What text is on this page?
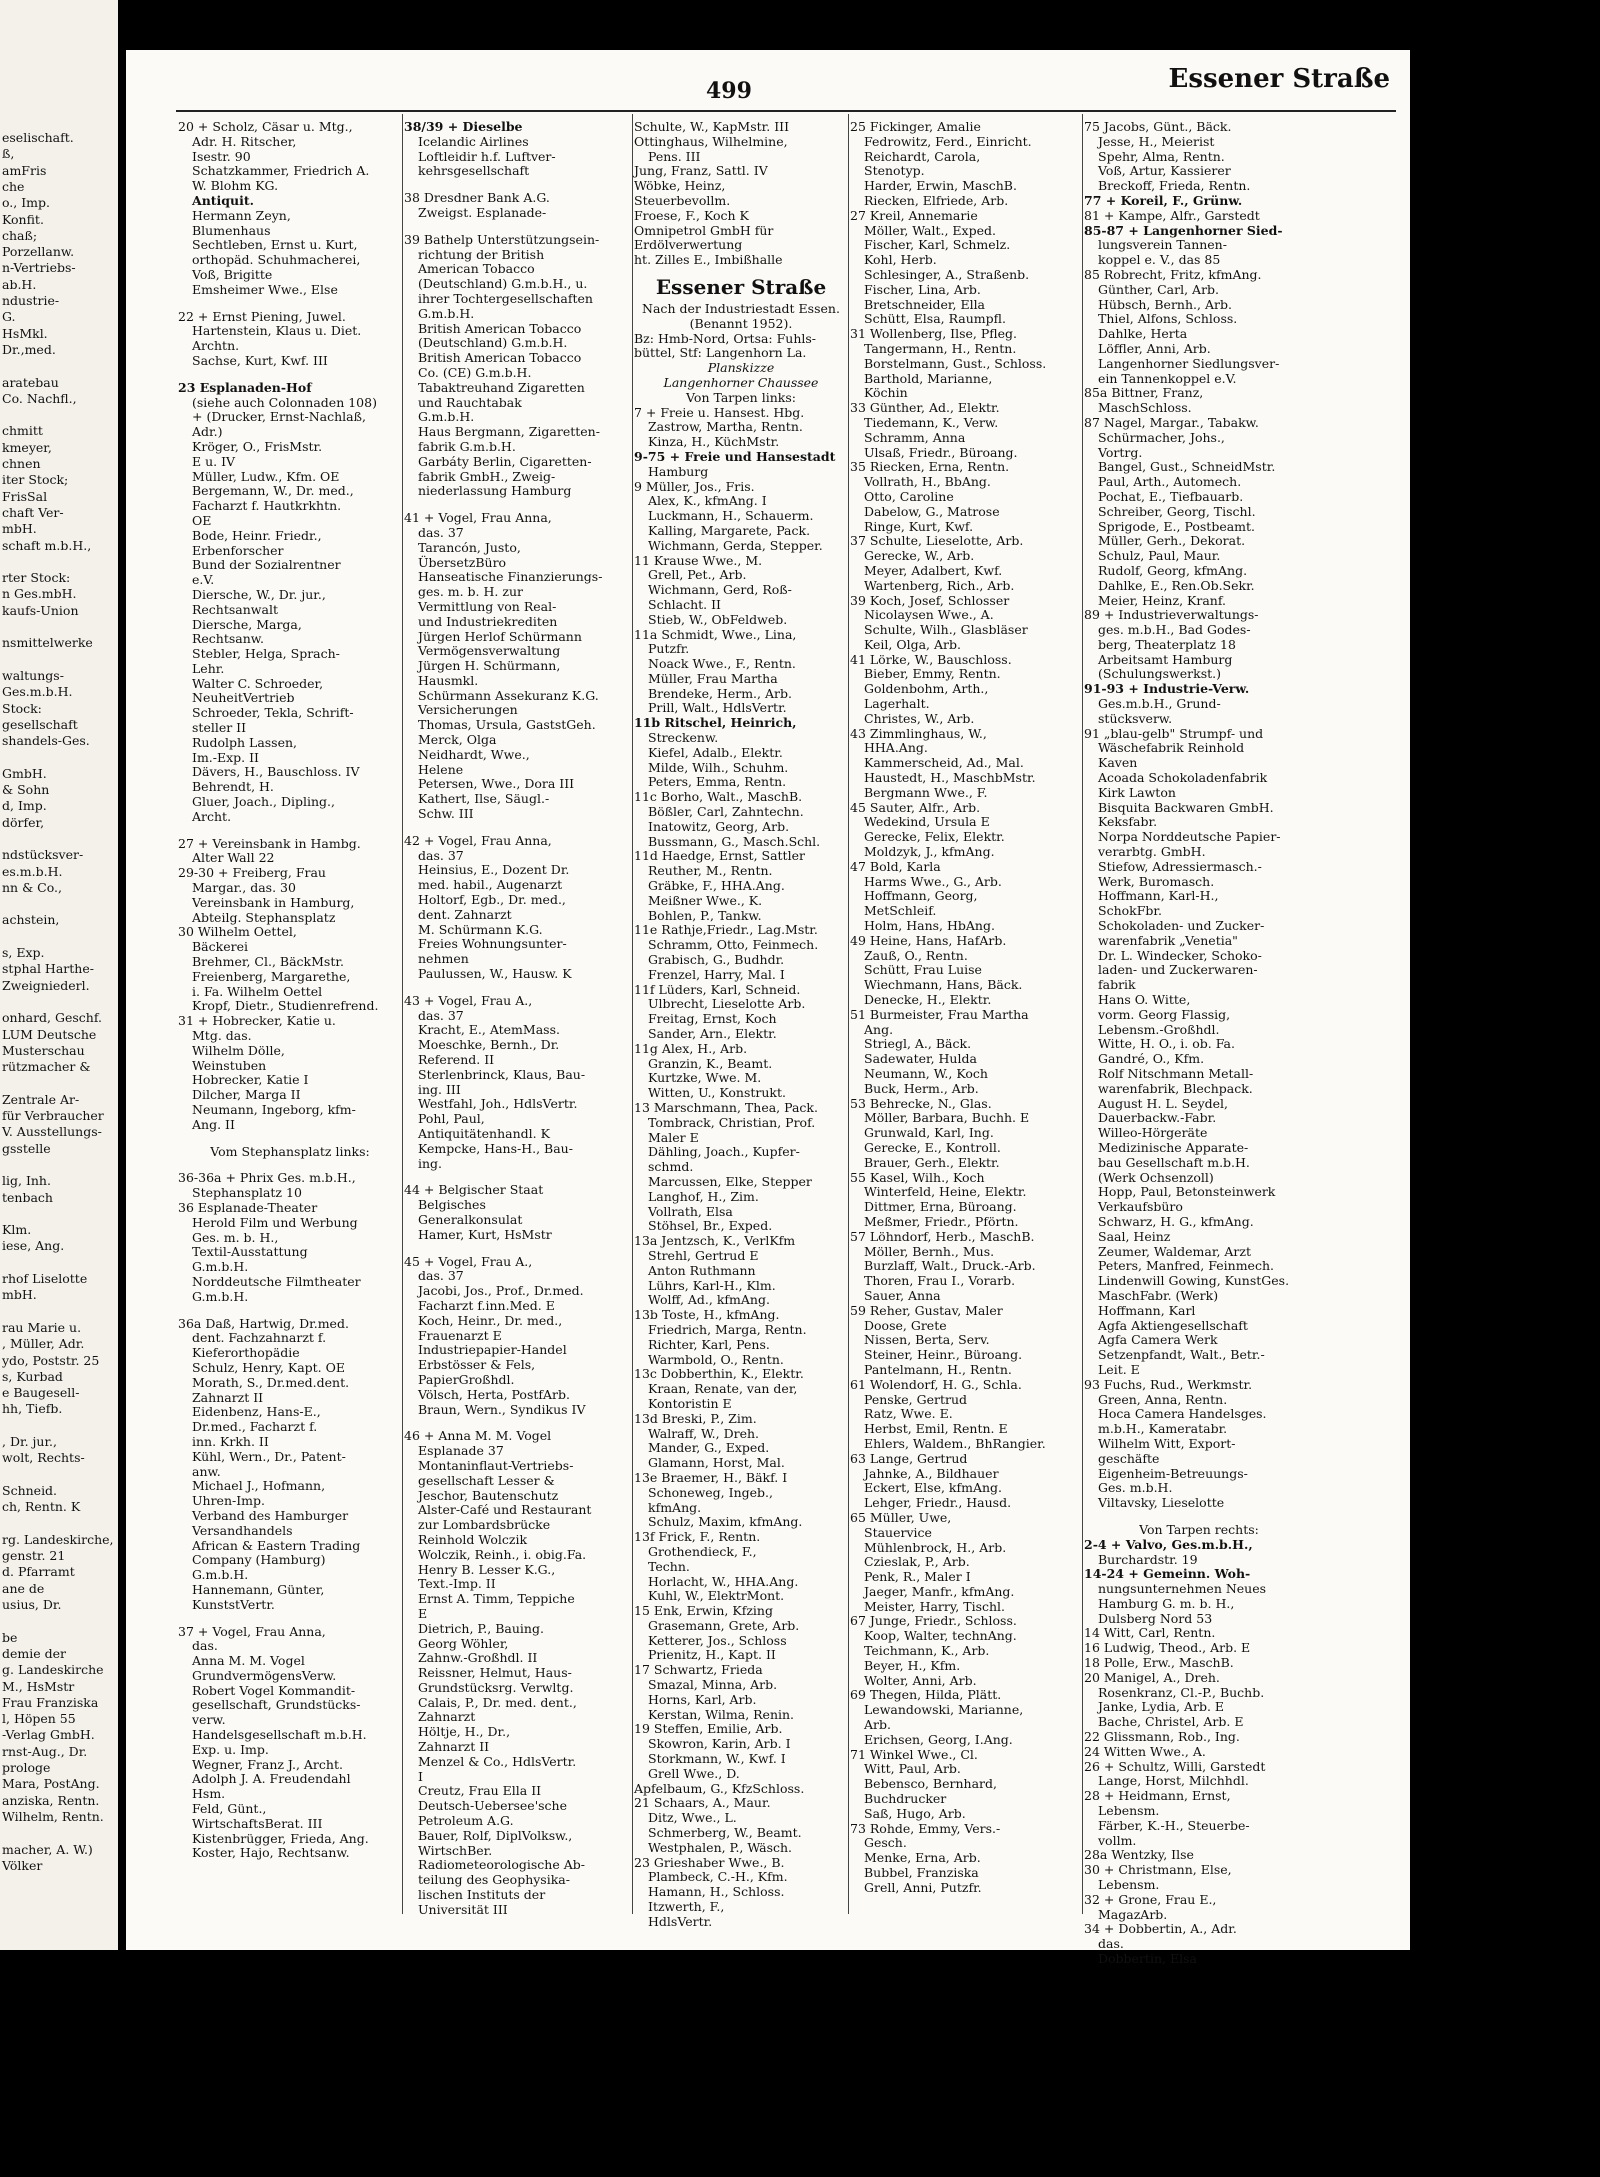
eselischaft.
ß,
amFris
che
o., Imp.
Konfit.
chaß;
Porzellanw.
n-Vertriebs-
ab.H.
ndustrie-
G.
HsMkl.
Dr.,med.
aratebau
Co. Nachfl.,
chmitt
kmeyer,
chnen
iter Stock;
FrisSal
chaft Ver-
mbH.
schaft m.b.H.,
rter Stock:
n Ges.mbH.
kaufs-Union
nsmittelwerke
waltungs-
Ges.m.b.H.
Stock:
gesellschaft
shandels-Ges.
GmbH.
& Sohn
d, Imp.
dörfer,
ndstücksver-
es.m.b.H.
nn & Co.,
achstein,
s, Exp.
stphal Harthe-
Zweigniederl.
onhard, Geschf.
LUM Deutsche
Musterschau
rützmacher &
Zentrale Ar-
für Verbraucher
V. Ausstellungs-
gsstelle
lig, Inh.
tenbach
Klm.
iese, Ang.
rhof Liselotte
mbH.
rau Marie u.
, Müller, Adr.
ydo, Poststr. 25
s, Kurbad
e Baugesell-
hh, Tiefb.
, Dr. jur.,
wolt, Rechts-
Schneid.
ch, Rentn. K
rg. Landeskirche,
genstr. 21
d. Pfarramt
ane de
usius, Dr.
be
demie der
g. Landeskirche
M., HsMstr
Frau Franziska
l, Höpen 55
-Verlag GmbH.
rnst-Aug., Dr.
prologe
Mara, PostAng.
anziska, Rentn.
Wilhelm, Rentn.
macher, A. W.)
Völker
499	Essener Straße
20 + Scholz, Cäsar u. Mtg.,
Adr. H. Ritscher,
Isestr. 90
Schatzkammer, Friedrich A.
W. Blohm KG.
Antiquit.
Hermann Zeyn,
Blumenhaus
Sechtleben, Ernst u. Kurt,
orthopäd. Schuhmacherei,
Voß, Brigitte
Emsheimer Wwe., Else
22 + Ernst Piening, Juwel.
Hartenstein, Klaus u. Diet.
Archtn.
Sachse, Kurt, Kwf. III
23 Esplanaden-Hof
(siehe auch Colonnaden 108)
+ (Drucker, Ernst-Nachlaß,
Adr.)
Kröger, O., FrisMstr.
E u. IV
Müller, Ludw., Kfm. OE
Bergemann, W., Dr. med.,
Facharzt f. Hautkrkhtn.
OE
Bode, Heinr. Friedr.,
Erbenforscher
Bund der Sozialrentner
e.V.
Diersche, W., Dr. jur.,
Rechtsanwalt
Diersche, Marga,
Rechtsanw.
Stebler, Helga, Sprach-
Lehr.
Walter C. Schroeder,
NeuheitVertrieb
Schroeder, Tekla, Schrift-
steller II
Rudolph Lassen,
Im.-Exp. II
Dävers, H., Bauschloss. IV
Behrendt, H.
Gluer, Joach., Dipling.,
Archt.
27 + Vereinsbank in Hambg.
Alter Wall 22
29-30 + Freiberg, Frau
Margar., das. 30
Vereinsbank in Hamburg,
Abteilg. Stephansplatz
30 Wilhelm Oettel,
Bäckerei
Brehmer, Cl., BäckMstr.
Freienberg, Margarethe,
i. Fa. Wilhelm Oettel
Kropf, Dietr., Studienrefrend.
31 + Hobrecker, Katie u.
Mtg. das.
Wilhelm Dölle,
Weinstuben
Hobrecker, Katie I
Dilcher, Marga II
Neumann, Ingeborg, kfm-
Ang. II
Vom Stephansplatz links:
36-36a + Phrix Ges. m.b.H.,
Stephansplatz 10
36 Esplanade-Theater
Herold Film und Werbung
Ges. m. b. H.,
Textil-Ausstattung
G.m.b.H.
Norddeutsche Filmtheater
G.m.b.H.
36a Daß, Hartwig, Dr.med.
dent. Fachzahnarzt f.
Kieferorthopädie
Schulz, Henry, Kapt. OE
Morath, S., Dr.med.dent.
Zahnarzt II
Eidenbenz, Hans-E.,
Dr.med., Facharzt f.
inn. Krkh. II
Kühl, Wern., Dr., Patent-
anw.
Michael J., Hofmann,
Uhren-Imp.
Verband des Hamburger
Versandhandels
African & Eastern Trading
Company (Hamburg)
G.m.b.H.
Hannemann, Günter,
KunststVertr.
37 + Vogel, Frau Anna,
das.
Anna M. M. Vogel
GrundvermögensVerw.
Robert Vogel Kommandit-
gesellschaft, Grundstücks-
verw.
Handelsgesellschaft m.b.H.
Exp. u. Imp.
Wegner, Franz J., Archt.
Adolph J. A. Freudendahl
Hsm.
Feld, Günt.,
WirtschaftsBerat. III
Kistenbrügger, Frieda, Ang.
Koster, Hajo, Rechtsanw.
38/39 + Dieselbe
Icelandic Airlines
Loftleidir h.f. Luftver-
kehrsgesellschaft
38 Dresdner Bank A.G.
Zweigst. Esplanade-
39 Bathelp Unterstützungsein-
richtung der British
American Tobacco
(Deutschland) G.m.b.H., u.
ihrer Tochtergesellschaften
G.m.b.H.
British American Tobacco
(Deutschland) G.m.b.H.
British American Tobacco
Co. (CE) G.m.b.H.
Tabaktreuhand Zigaretten
und Rauchtabak
G.m.b.H.
Haus Bergmann, Zigaretten-
fabrik G.m.b.H.
Garbáty Berlin, Cigaretten-
fabrik GmbH., Zweig-
niederlassung Hamburg
41 + Vogel, Frau Anna,
das. 37
Tarancón, Justo,
ÜbersetzBüro
Hanseatische Finanzierungs-
ges. m. b. H. zur
Vermittlung von Real-
und Industriekrediten
Jürgen Herlof Schürmann
Vermögensverwaltung
Jürgen H. Schürmann,
Hausmkl.
Schürmann Assekuranz K.G.
Versicherungen
Thomas, Ursula, GaststGeh.
Merck, Olga
Neidhardt, Wwe.,
Helene
Petersen, Wwe., Dora III
Kathert, Ilse, Säugl.-
Schw. III
42 + Vogel, Frau Anna,
das. 37
Heinsius, E., Dozent Dr.
med. habil., Augenarzt
Holtorf, Egb., Dr. med.,
dent. Zahnarzt
M. Schürmann K.G.
Freies Wohnungsunter-
nehmen
Paulussen, W., Hausw. K
43 + Vogel, Frau A.,
das. 37
Kracht, E., AtemMass.
Moeschke, Bernh., Dr.
Referend. II
Sterlenbrinck, Klaus, Bau-
ing. III
Westfahl, Joh., HdlsVertr.
Pohl, Paul,
Antiquitätenhandl. K
Kempcke, Hans-H., Bau-
ing.
44 + Belgischer Staat
Belgisches
Generalkonsulat
Hamer, Kurt, HsMstr
45 + Vogel, Frau A.,
das. 37
Jacobi, Jos., Prof., Dr.med.
Facharzt f.inn.Med. E
Koch, Heinr., Dr. med.,
Frauenarzt E
Industriepapier-Handel
Erbstösser & Fels,
PapierGroßhdl.
Völsch, Herta, PostfArb.
Braun, Wern., Syndikus IV
46 + Anna M. M. Vogel
Esplanade 37
Montaninflaut-Vertriebs-
gesellschaft Lesser &
Jeschor, Bautenschutz
Alster-Café und Restaurant
zur Lombardsbrücke
Reinhold Wolczik
Wolczik, Reinh., i. obig.Fa.
Henry B. Lesser K.G.,
Text.-Imp. II
Ernst A. Timm, Teppiche
E
Dietrich, P., Bauing.
Georg Wöhler,
Zahnw.-Großhdl. II
Reissner, Helmut, Haus-
Grundstücksrg. Verwltg.
Calais, P., Dr. med. dent.,
Zahnarzt
Höltje, H., Dr.,
Zahnarzt II
Menzel & Co., HdlsVertr.
I
Creutz, Frau Ella II
Deutsch-Uebersee'sche
Petroleum A.G.
Bauer, Rolf, DiplVolksw.,
WirtschBer.
Radiometeorologische Ab-
teilung des Geophysika-
lischen Instituts der
Universität III
Schulte, W., KapMstr. III
Ottinghaus, Wilhelmine,
Pens. III
Jung, Franz, Sattl. IV
Wöbke, Heinz,
Steuerbevollm.
Froese, F., Koch K
Omnipetrol GmbH für
Erdölverwertung
ht. Zilles E., Imbißhalle
Essener Straße
Nach der Industriestadt Essen.
(Benannt 1952).
Bz: Hmb-Nord, Ortsa: Fuhls-
büttel, Stf: Langenhorn La.
Planskizze
Langenhorner Chaussee
Von Tarpen links:
7 + Freie u. Hansest. Hbg.
Zastrow, Martha, Rentn.
Kinza, H., KüchMstr.
9-75 + Freie und Hansestadt
Hamburg
9 Müller, Jos., Fris.
Alex, K., kfmAng. I
Luckmann, H., Schauerm.
Kalling, Margarete, Pack.
Wichmann, Gerda, Stepper.
11 Krause Wwe., M.
Grell, Pet., Arb.
Wichmann, Gerd, Roß-
Schlacht. II
Stieb, W., ObFeldweb.
11a Schmidt, Wwe., Lina,
Putzfr.
Noack Wwe., F., Rentn.
Müller, Frau Martha
Brendeke, Herm., Arb.
Prill, Walt., HdlsVertr.
11b Ritschel, Heinrich,
Streckenw.
Kiefel, Adalb., Elektr.
Milde, Wilh., Schuhm.
Peters, Emma, Rentn.
11c Borho, Walt., MaschB.
Bößler, Carl, Zahntechn.
Inatowitz, Georg, Arb.
Bussmann, G., Masch.Schl.
11d Haedge, Ernst, Sattler
Reuther, M., Rentn.
Gräbke, F., HHA.Ang.
Meißner Wwe., K.
Bohlen, P., Tankw.
11e Rathje,Friedr., Lag.Mstr.
Schramm, Otto, Feinmech.
Grabisch, G., Budhdr.
Frenzel, Harry, Mal. I
11f Lüders, Karl, Schneid.
Ulbrecht, Lieselotte Arb.
Freitag, Ernst, Koch
Sander, Arn., Elektr.
11g Alex, H., Arb.
Granzin, K., Beamt.
Kurtzke, Wwe. M.
Witten, U., Konstrukt.
13 Marschmann, Thea, Pack.
Tombrack, Christian, Prof.
Maler E
Dähling, Joach., Kupfer-
schmd.
Marcussen, Elke, Stepper
Langhof, H., Zim.
Vollrath, Elsa
Stöhsel, Br., Exped.
13a Jentzsch, K., VerlKfm
Strehl, Gertrud E
Anton Ruthmann
Lührs, Karl-H., Klm.
Wolff, Ad., kfmAng.
13b Toste, H., kfmAng.
Friedrich, Marga, Rentn.
Richter, Karl, Pens.
Warmbold, O., Rentn.
13c Dobberthin, K., Elektr.
Kraan, Renate, van der,
Kontoristin E
13d Breski, P., Zim.
Walraff, W., Dreh.
Mander, G., Exped.
Glamann, Horst, Mal.
13e Braemer, H., Bäkf. I
Schoneweg, Ingeb.,
kfmAng.
Schulz, Maxim, kfmAng.
13f Frick, F., Rentn.
Grothendieck, F.,
Techn.
Horlacht, W., HHA.Ang.
Kuhl, W., ElektrMont.
15 Enk, Erwin, Kfzing
Grasemann, Grete, Arb.
Ketterer, Jos., Schloss
Prienitz, H., Kapt. II
17 Schwartz, Frieda
Smazal, Minna, Arb.
Horns, Karl, Arb.
Kerstan, Wilma, Renin.
19 Steffen, Emilie, Arb.
Skowron, Karin, Arb. I
Storkmann, W., Kwf. I
Grell Wwe., D.
Apfelbaum, G., KfzSchloss.
21 Schaars, A., Maur.
Ditz, Wwe., L.
Schmerberg, W., Beamt.
Westphalen, P., Wäsch.
23 Grieshaber Wwe., B.
Plambeck, C.-H., Kfm.
Hamann, H., Schloss.
Itzwerth, F.,
HdlsVertr.
25 Fickinger, Amalie
Fedrowitz, Ferd., Einricht.
Reichardt, Carola,
Stenotyp.
Harder, Erwin, MaschB.
Riecken, Elfriede, Arb.
27 Kreil, Annemarie
Möller, Walt., Exped.
Fischer, Karl, Schmelz.
Kohl, Herb.
Schlesinger, A., Straßenb.
Fischer, Lina, Arb.
Bretschneider, Ella
Schütt, Elsa, Raumpfl.
31 Wollenberg, Ilse, Pfleg.
Tangermann, H., Rentn.
Borstelmann, Gust., Schloss.
Barthold, Marianne,
Köchin
33 Günther, Ad., Elektr.
Tiedemann, K., Verw.
Schramm, Anna
Ulsaß, Friedr., Büroang.
35 Riecken, Erna, Rentn.
Vollrath, H., BbAng.
Otto, Caroline
Dabelow, G., Matrose
Ringe, Kurt, Kwf.
37 Schulte, Lieselotte, Arb.
Gerecke, W., Arb.
Meyer, Adalbert, Kwf.
Wartenberg, Rich., Arb.
39 Koch, Josef, Schlosser
Nicolaysen Wwe., A.
Schulte, Wilh., Glasbläser
Keil, Olga, Arb.
41 Lörke, W., Bauschloss.
Bieber, Emmy, Rentn.
Goldenbohm, Arth.,
Lagerhalt.
Christes, W., Arb.
43 Zimmlinghaus, W.,
HHA.Ang.
Kammerscheid, Ad., Mal.
Haustedt, H., MaschbMstr.
Bergmann Wwe., F.
45 Sauter, Alfr., Arb.
Wedekind, Ursula E
Gerecke, Felix, Elektr.
Moldzyk, J., kfmAng.
47 Bold, Karla
Harms Wwe., G., Arb.
Hoffmann, Georg,
MetSchleif.
Holm, Hans, HbAng.
49 Heine, Hans, HafArb.
Zauß, O., Rentn.
Schütt, Frau Luise
Wiechmann, Hans, Bäck.
Denecke, H., Elektr.
51 Burmeister, Frau Martha
Ang.
Striegl, A., Bäck.
Sadewater, Hulda
Neumann, W., Koch
Buck, Herm., Arb.
53 Behrecke, N., Glas.
Möller, Barbara, Buchh. E
Grunwald, Karl, Ing.
Gerecke, E., Kontroll.
Brauer, Gerh., Elektr.
55 Kasel, Wilh., Koch
Winterfeld, Heine, Elektr.
Dittmer, Erna, Büroang.
Meßmer, Friedr., Pförtn.
57 Löhndorf, Herb., MaschB.
Möller, Bernh., Mus.
Burzlaff, Walt., Druck.-Arb.
Thoren, Frau I., Vorarb.
Sauer, Anna
59 Reher, Gustav, Maler
Doose, Grete
Nissen, Berta, Serv.
Steiner, Heinr., Büroang.
Pantelmann, H., Rentn.
61 Wolendorf, H. G., Schla.
Penske, Gertrud
Ratz, Wwe. E.
Herbst, Emil, Rentn. E
Ehlers, Waldem., BhRangier.
63 Lange, Gertrud
Jahnke, A., Bildhauer
Eckert, Else, kfmAng.
Lehger, Friedr., Hausd.
65 Müller, Uwe,
Stauervice
Mühlenbrock, H., Arb.
Czieslak, P., Arb.
Penk, R., Maler I
Jaeger, Manfr., kfmAng.
Meister, Harry, Tischl.
67 Junge, Friedr., Schloss.
Koop, Walter, technAng.
Teichmann, K., Arb.
Beyer, H., Kfm.
Wolter, Anni, Arb.
69 Thegen, Hilda, Plätt.
Lewandowski, Marianne,
Arb.
Erichsen, Georg, I.Ang.
71 Winkel Wwe., Cl.
Witt, Paul, Arb.
Bebensco, Bernhard,
Buchdrucker
Saß, Hugo, Arb.
73 Rohde, Emmy, Vers.-
Gesch.
Menke, Erna, Arb.
Bubbel, Franziska
Grell, Anni, Putzfr.
75 Jacobs, Günt., Bäck.
Jesse, H., Meierist
Spehr, Alma, Rentn.
Voß, Artur, Kassierer
Breckoff, Frieda, Rentn.
77 + Koreil, F., Grünw.
81 + Kampe, Alfr., Garstedt
85-87 + Langenhorner Sied-
lungsverein Tannen-
koppel e. V., das 85
85 Robrecht, Fritz, kfmAng.
Günther, Carl, Arb.
Hübsch, Bernh., Arb.
Thiel, Alfons, Schloss.
Dahlke, Herta
Löffler, Anni, Arb.
Langenhorner Siedlungsver-
ein Tannenkoppel e.V.
85a Bittner, Franz,
MaschSchloss.
87 Nagel, Margar., Tabakw.
Schürmacher, Johs.,
Vortrg.
Bangel, Gust., SchneidMstr.
Paul, Arth., Automech.
Pochat, E., Tiefbauarb.
Schreiber, Georg, Tischl.
Sprigode, E., Postbeamt.
Müller, Gerh., Dekorat.
Schulz, Paul, Maur.
Rudolf, Georg, kfmAng.
Dahlke, E., Ren.Ob.Sekr.
Meier, Heinz, Kranf.
89 + Industrieverwaltungs-
ges. m.b.H., Bad Godes-
berg, Theaterplatz 18
Arbeitsamt Hamburg
(Schulungswerkst.)
91-93 + Industrie-Verw.
Ges.m.b.H., Grund-
stücksverw.
91 „blau-gelb" Strumpf- und
Wäschefabrik Reinhold
Kaven
Acoada Schokoladenfabrik
Kirk Lawton
Bisquita Backwaren GmbH.
Keksfabr.
Norpa Norddeutsche Papier-
verarbtg. GmbH.
Stiefow, Adressiermasch.-
Werk, Buromasch.
Hoffmann, Karl-H.,
SchokFbr.
Schokoladen- und Zucker-
warenfabrik „Venetia"
Dr. L. Windecker, Schoko-
laden- und Zuckerwaren-
fabrik
Hans O. Witte,
vorm. Georg Flassig,
Lebensm.-Großhdl.
Witte, H. O., i. ob. Fa.
Gandré, O., Kfm.
Rolf Nitschmann Metall-
warenfabrik, Blechpack.
August H. L. Seydel,
Dauerbackw.-Fabr.
Willeo-Hörgeräte
Medizinische Apparate-
bau Gesellschaft m.b.H.
(Werk Ochsenzoll)
Hopp, Paul, Betonsteinwerk
Verkaufsbüro
Schwarz, H. G., kfmAng.
Saal, Heinz
Zeumer, Waldemar, Arzt
Peters, Manfred, Feinmech.
Lindenwill Gowing, KunstGes.
MaschFabr. (Werk)
Hoffmann, Karl
Agfa Aktiengesellschaft
Agfa Camera Werk
Setzenpfandt, Walt., Betr.-
Leit. E
93 Fuchs, Rud., Werkmstr.
Green, Anna, Rentn.
Hoca Camera Handelsges.
m.b.H., Kameratabr.
Wilhelm Witt, Export-
geschäfte
Eigenheim-Betreuungs-
Ges. m.b.H.
Viltavsky, Lieselotte
Von Tarpen rechts:
2-4 + Valvo, Ges.m.b.H.,
Burchardstr. 19
14-24 + Gemeinn. Woh-
nungsunternehmen Neues
Hamburg G. m. b. H.,
Dulsberg Nord 53
14 Witt, Carl, Rentn.
16 Ludwig, Theod., Arb. E
18 Polle, Erw., MaschB.
20 Manigel, A., Dreh.
Rosenkranz, Cl.-P., Buchb.
Janke, Lydia, Arb. E
Bache, Christel, Arb. E
22 Glissmann, Rob., Ing.
24 Witten Wwe., A.
26 + Schultz, Willi, Garstedt
Lange, Horst, Milchhdl.
28 + Heidmann, Ernst,
Lebensm.
Färber, K.-H., Steuerbe-
vollm.
28a Wentzky, Ilse
30 + Christmann, Else,
Lebensm.
32 + Grone, Frau E.,
MagazArb.
34 + Dobbertin, A., Adr.
das.
Dobbertin, Elsa
